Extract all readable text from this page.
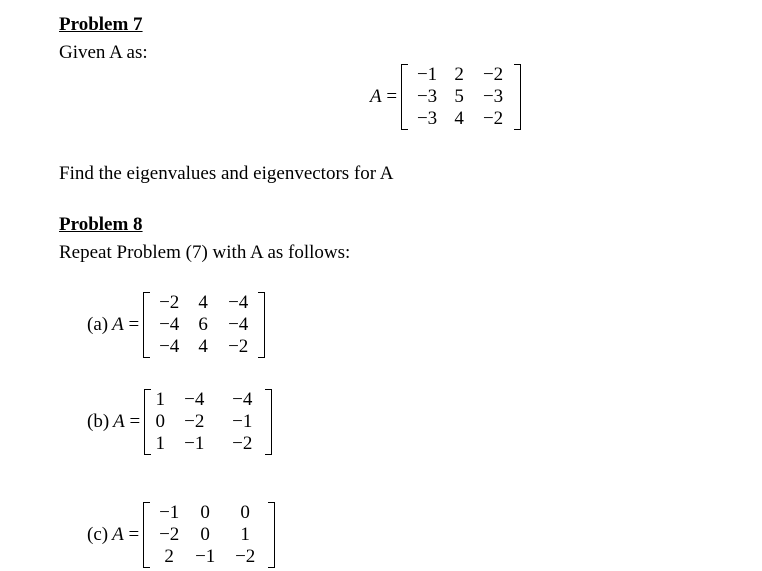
Problem 7
Given A as:
A =
−1 2	−2
−3 5	−3
−3 4	−2
Find the eigenvalues and eigenvectors for A
Problem 8
Repeat Problem (7) with A as follows:
(a) A =
−2	4	−4
−4	6	−4
−4	4	−2
(b) A =
1	−4	−4
0	−2	−1
1	−1	−2
(c) A =
−1	0	0
−2	0	1
2	−1	−2
